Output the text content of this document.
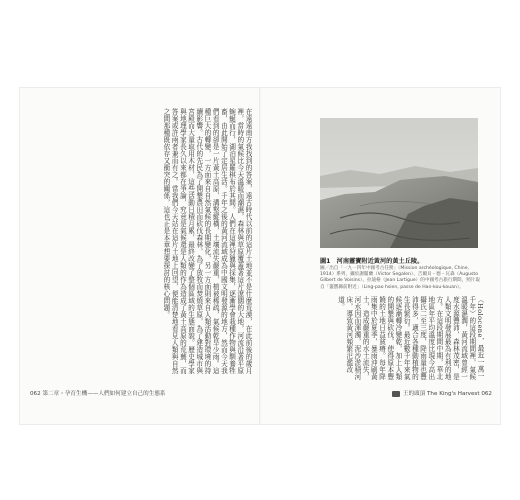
在遠遠南方我找到的答案，遠古時代以前的這片土地並不是什麼荒漠，在此前後的歲月裡，當時的氣候比今天溫暖而潮濕，森林與草原覆蓋著這片遼闊的大地，河流沿著平原蜿蜒而行，湖泊星羅棋布於其間。人們在這裡狩獵與採集，逐漸學會栽種作物與馴養牲畜，由此開始了定居生活。千年之後的黃河流域成為中國文明發源的地方，然而今天我們看到的卻是一片黃土高原，溝壑縱橫，土壤流失嚴重，植被稀疏，氣候乾旱少雨。這種巨大的轉變，一方面來自自然氣候的長期變化，另一方面則來自人類活動對環境的持續影響。古代的先民為了開墾農田而砍伐森林，為了放牧而焚燒草原，為了建造城市與宮殿而大量取用木材，這些活動日積月累，最終改變了整個區域的生態面貌。歷史學家與地理學家長久以來都在爭論，究竟是氣候還是人類的作為造成了黃土高原的荒蕪，而答案或許兩者兼而有之。當我們今天站在這片土地上回望，便能清楚地看見人類與自然之間那種既依存又衝突的關係，這也正是本章想要探討的核心問題。
062 第二章・孕育生機——人們如何建立自己的生態系
圖1　河南靈寶附近黃河的黃土丘陵。
圖／出自「一九一四年中國考古任務」（Mission archéologique, Chine, 1914）系列，攝於謝閣蘭（Victor Segalen）、吉爾貝・德・瓦森（Augusto Gilbert de Voisins）、拉迪格（Jean Lartigue）的中國考古旅行期間，照片取自「靈寶縣前附近」（Ling-pao hsien, passe de Han-kou-kouan）。
（Holocene，最近一萬一千年）的這段期間裡，氣候溫暖濕潤，黃河流域曾經一度水源豐沛，森林茂密，是人類文明發展最為有利的地方。在這段期間中期，華北地區年平均溫度比現今高出攝氏二至三度，降雨量也豐沛得多，適合各種動植物的生長繁衍。最近數千年來氣候逐漸轉冷變乾，加上人類的開墾與砍伐，使得原本豐饒的土地日益貧瘠。每年降雨集中於夏季，暴雨沖刷黃土，造成嚴重的水土流失，河水因而渾濁，泥沙淤積河床，導致黃河頻繁氾濫改道。
王的頭頂 The King's Harvest 062
